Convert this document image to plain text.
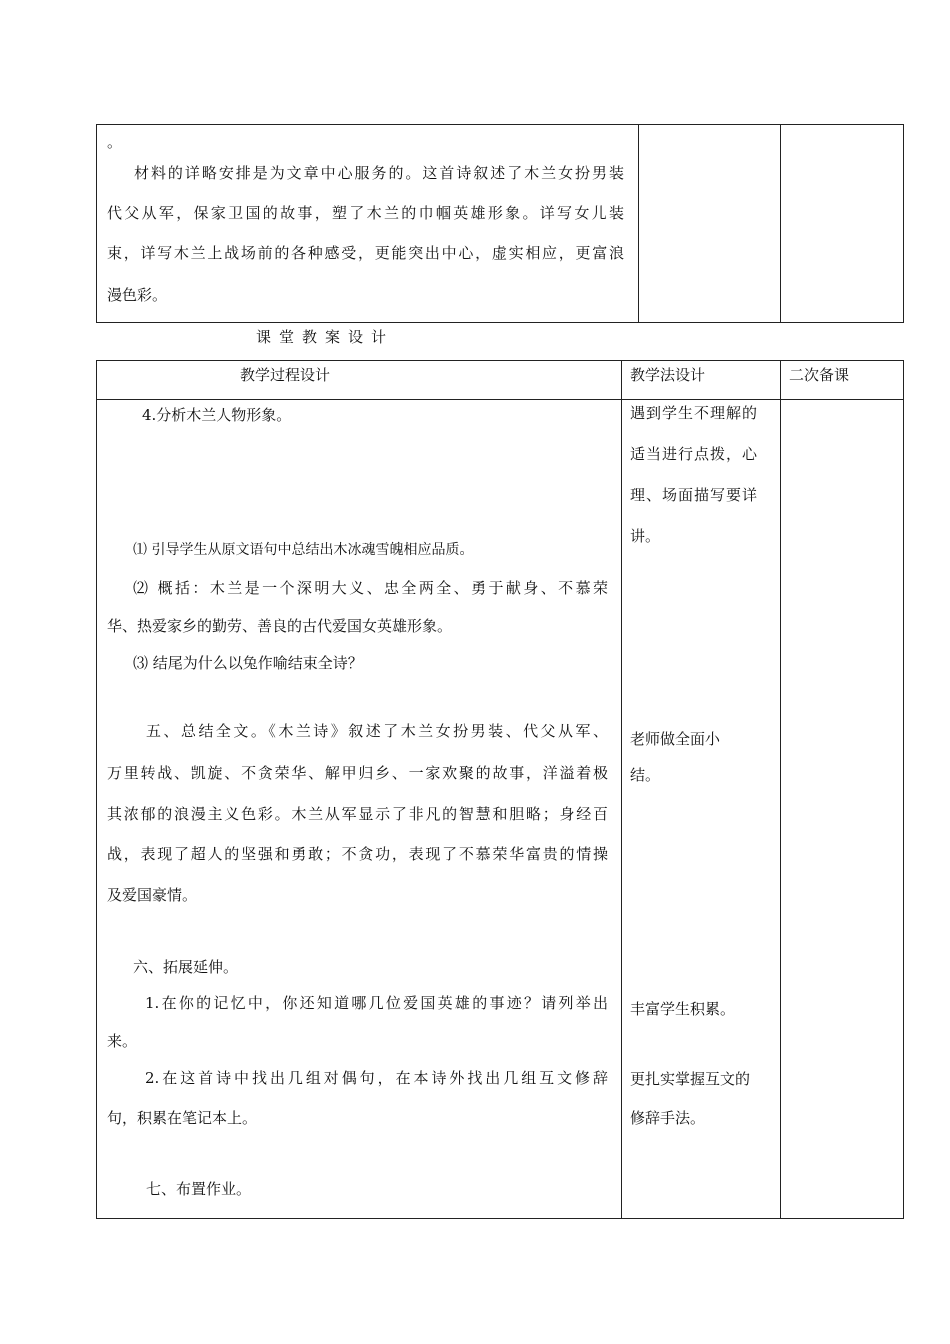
。
材料的详略安排是为文章中心服务的。这首诗叙述了木兰女扮男装
代父从军，保家卫国的故事，塑了木兰的巾帼英雄形象。详写女儿装
束，详写木兰上战场前的各种感受，更能突出中心，虚实相应，更富浪
漫色彩。
课堂教案设计
教学过程设计	教学法设计	二次备课
4.分析木兰人物形象。
⑴ 引导学生从原文语句中总结出木冰魂雪魄相应品质。
⑵ 概括：木兰是一个深明大义、忠全两全、勇于献身、不慕荣
华、热爱家乡的勤劳、善良的古代爱国女英雄形象。
⑶ 结尾为什么以兔作喻结束全诗？
五、总结全文。《木兰诗》叙述了木兰女扮男装、代父从军、
万里转战、凯旋、不贪荣华、解甲归乡、一家欢聚的故事，洋溢着极
其浓郁的浪漫主义色彩。木兰从军显示了非凡的智慧和胆略；身经百
战，表现了超人的坚强和勇敢；不贪功，表现了不慕荣华富贵的情操
及爱国豪情。
六、拓展延伸。
1.在你的记忆中，你还知道哪几位爱国英雄的事迹？请列举出
来。
2.在这首诗中找出几组对偶句，在本诗外找出几组互文修辞
句，积累在笔记本上。
七、布置作业。
遇到学生不理解的
适当进行点拨，心
理、场面描写要详
讲。
老师做全面小
结。
丰富学生积累。
更扎实掌握互文的
修辞手法。
